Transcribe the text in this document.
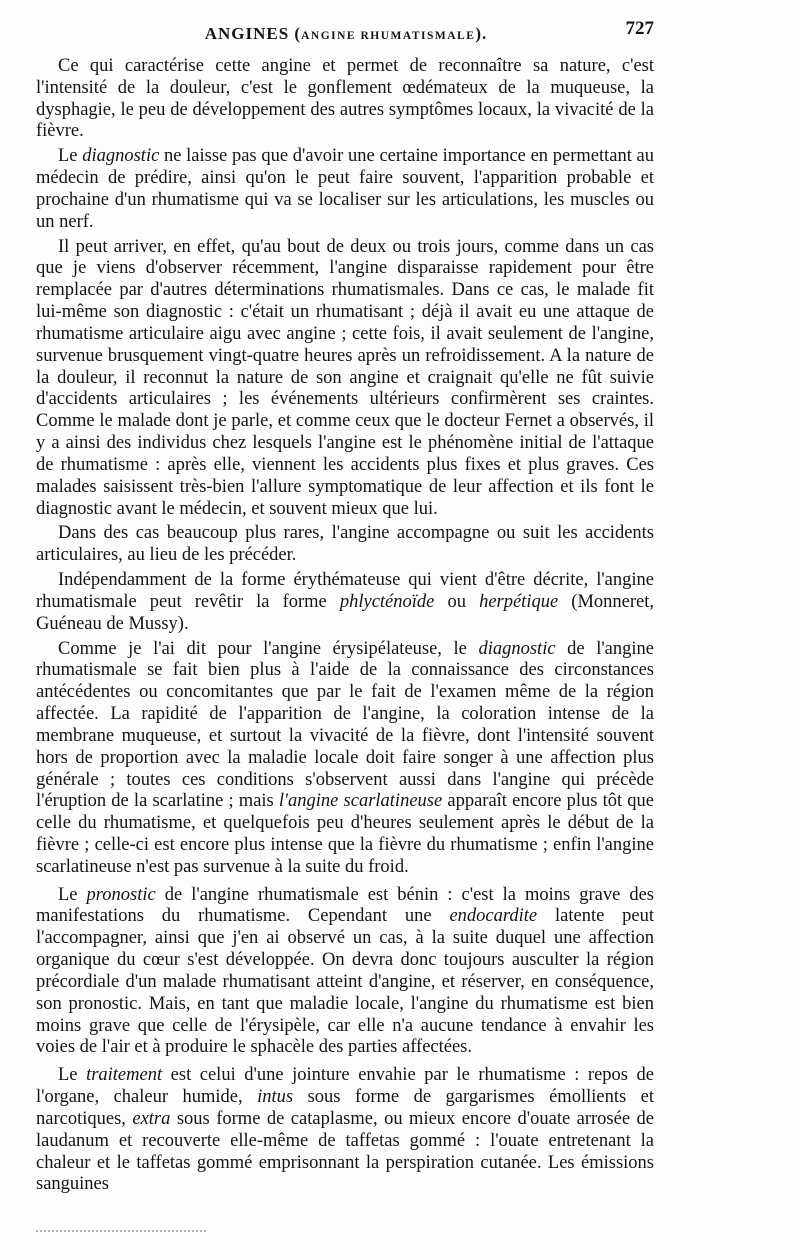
ANGINES (ANGINE RHUMATISMALE).	727

Ce qui caractérise cette angine et permet de reconnaître sa nature, c'est l'intensité de la douleur, c'est le gonflement œdémateux de la muqueuse, la dysphagie, le peu de développement des autres symptômes locaux, la vivacité de la fièvre.

Le diagnostic ne laisse pas que d'avoir une certaine importance en permettant au médecin de prédire, ainsi qu'on le peut faire souvent, l'apparition probable et prochaine d'un rhumatisme qui va se localiser sur les articulations, les muscles ou un nerf.

Il peut arriver, en effet, qu'au bout de deux ou trois jours, comme dans un cas que je viens d'observer récemment, l'angine disparaisse rapidement pour être remplacée par d'autres déterminations rhumatismales. Dans ce cas, le malade fit lui-même son diagnostic : c'était un rhumatisant ; déjà il avait eu une attaque de rhumatisme articulaire aigu avec angine ; cette fois, il avait seulement de l'angine, survenue brusquement vingt-quatre heures après un refroidissement. A la nature de la douleur, il reconnut la nature de son angine et craignait qu'elle ne fût suivie d'accidents articulaires ; les événements ultérieurs confirmèrent ses craintes. Comme le malade dont je parle, et comme ceux que le docteur Fernet a observés, il y a ainsi des individus chez lesquels l'angine est le phénomène initial de l'attaque de rhumatisme : après elle, viennent les accidents plus fixes et plus graves. Ces malades saisissent très-bien l'allure symptomatique de leur affection et ils font le diagnostic avant le médecin, et souvent mieux que lui.

Dans des cas beaucoup plus rares, l'angine accompagne ou suit les accidents articulaires, au lieu de les précéder.

Indépendamment de la forme érythémateuse qui vient d'être décrite, l'angine rhumatismale peut revêtir la forme phlycténoïde ou herpétique (Monneret, Guéneau de Mussy).

Comme je l'ai dit pour l'angine érysipélateuse, le diagnostic de l'angine rhumatismale se fait bien plus à l'aide de la connaissance des circonstances antécédentes ou concomitantes que par le fait de l'examen même de la région affectée. La rapidité de l'apparition de l'angine, la coloration intense de la membrane muqueuse, et surtout la vivacité de la fièvre, dont l'intensité souvent hors de proportion avec la maladie locale doit faire songer à une affection plus générale ; toutes ces conditions s'observent aussi dans l'angine qui précède l'éruption de la scarlatine ; mais l'angine scarlatineuse apparaît encore plus tôt que celle du rhumatisme, et quelquefois peu d'heures seulement après le début de la fièvre ; celle-ci est encore plus intense que la fièvre du rhumatisme ; enfin l'angine scarlatineuse n'est pas survenue à la suite du froid.

Le pronostic de l'angine rhumatismale est bénin : c'est la moins grave des manifestations du rhumatisme. Cependant une endocardite latente peut l'accompagner, ainsi que j'en ai observé un cas, à la suite duquel une affection organique du cœur s'est développée. On devra donc toujours ausculter la région précordiale d'un malade rhumatisant atteint d'angine, et réserver, en conséquence, son pronostic. Mais, en tant que maladie locale, l'angine du rhumatisme est bien moins grave que celle de l'érysipèle, car elle n'a aucune tendance à envahir les voies de l'air et à produire le sphacèle des parties affectées.

Le traitement est celui d'une jointure envahie par le rhumatisme : repos de l'organe, chaleur humide, intus sous forme de gargarismes émollients et narcotiques, extra sous forme de cataplasme, ou mieux encore d'ouate arrosée de laudanum et recouverte elle-même de taffetas gommé : l'ouate entretenant la chaleur et le taffetas gommé emprisonnant la perspiration cutanée. Les émissions sanguines
